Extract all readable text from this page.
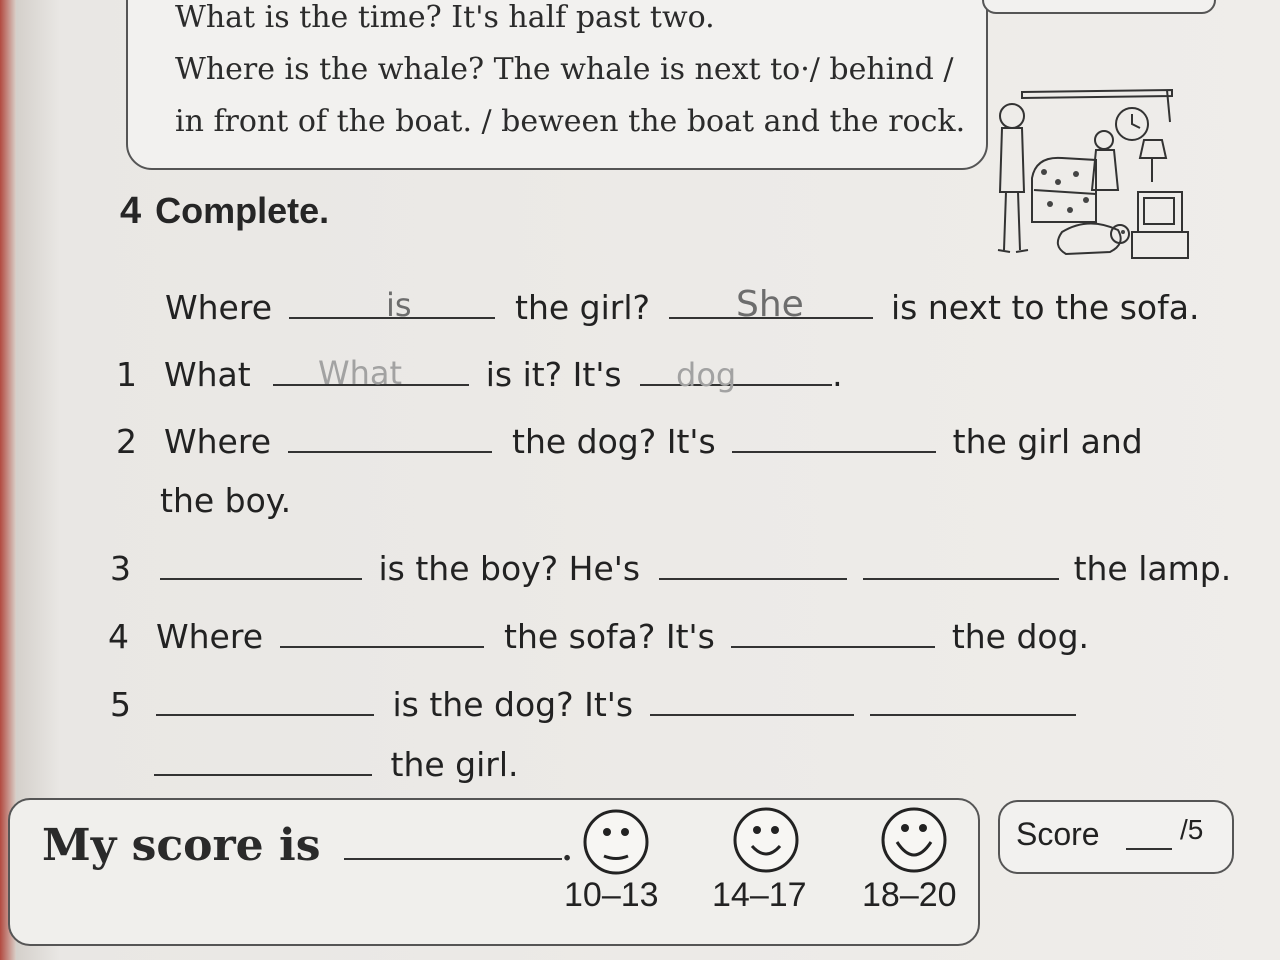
What is the time? It's half past two.
Where is the whale? The whale is next to·/ behind /
in front of the boat. / beween the boat and the rock.
4 Complete.
Where	the girl?	is next to the sofa.
is	She
1 What	is it? It's	.
What	dog
2 Where	the dog? It's	the girl and
the boy.
3	is the boy? He's	the lamp.
4 Where	the sofa? It's	the dog.
5	is the dog? It's
the girl.
My score is	.
10–13 14–17 18–20
Score	/5
